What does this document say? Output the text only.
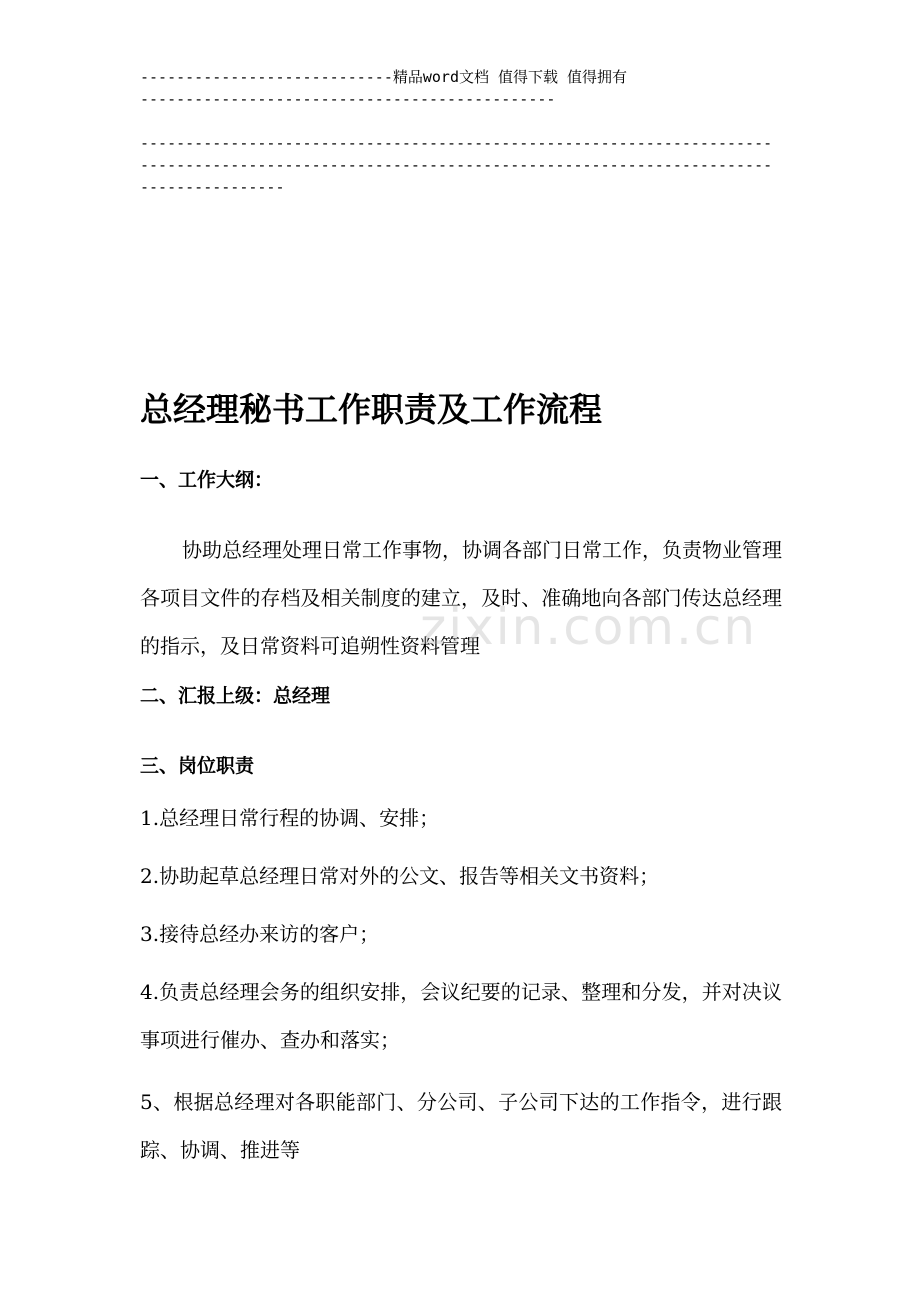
----------------------------精品word文档 值得下载 值得拥有
----------------------------------------------
------------------------------------------------------------------------------------------------------------------------------------------------------------
总经理秘书工作职责及工作流程
一、工作大纲：
协助总经理处理日常工作事物，协调各部门日常工作，负责物业管理各项目文件的存档及相关制度的建立，及时、准确地向各部门传达总经理的指示，及日常资料可追朔性资料管理
二、汇报上级：总经理
三、岗位职责
1.总经理日常行程的协调、安排；
2.协助起草总经理日常对外的公文、报告等相关文书资料；
3.接待总经办来访的客户；
4.负责总经理会务的组织安排，会议纪要的记录、整理和分发，并对决议事项进行催办、查办和落实；
5、根据总经理对各职能部门、分公司、子公司下达的工作指令，进行跟踪、协调、推进等
zixin.com.cn
